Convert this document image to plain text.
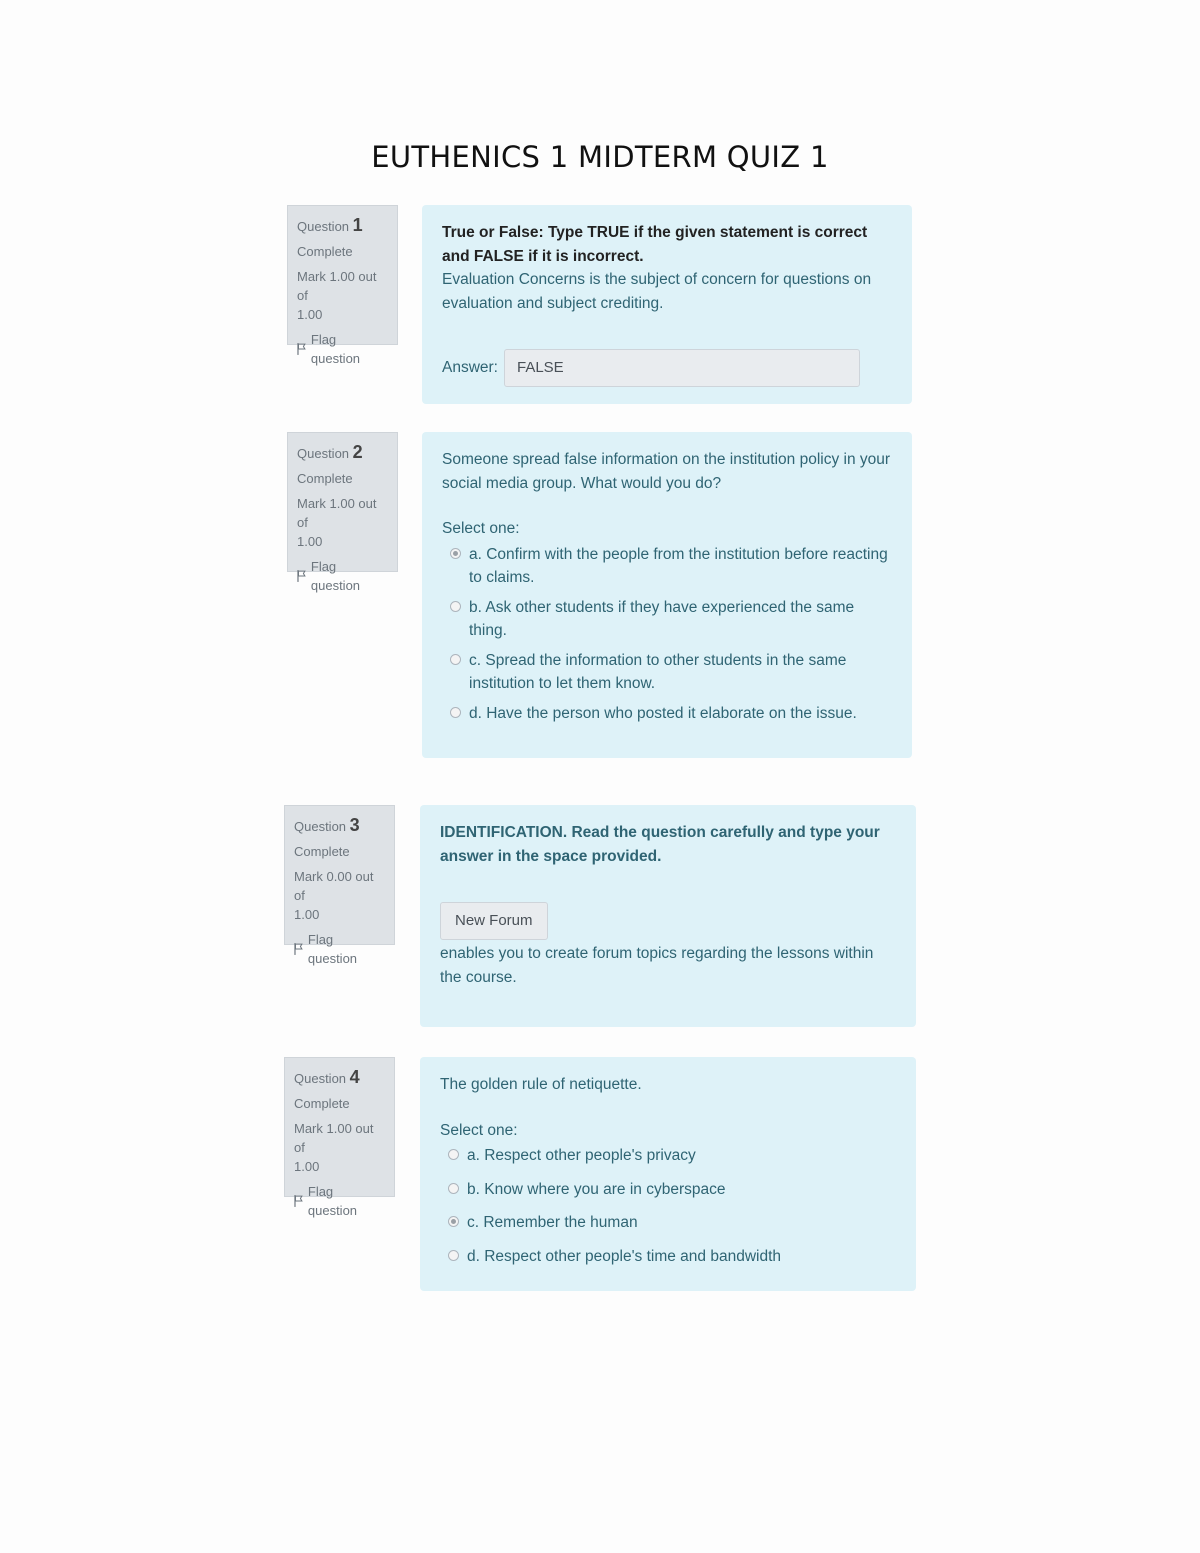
EUTHENICS 1 MIDTERM QUIZ 1
Question 1
Complete
Mark 1.00 out of
1.00
Flag question
True or False: Type TRUE if the given statement is correct and FALSE if it is incorrect.
Evaluation Concerns is the subject of concern for questions on evaluation and subject crediting.
Answer:	FALSE
Question 2
Complete
Mark 1.00 out of
1.00
Flag question
Someone spread false information on the institution policy in your social media group. What would you do?
Select one:
a. Confirm with the people from the institution before reacting to claims.
b. Ask other students if they have experienced the same thing.
c. Spread the information to other students in the same institution to let them know.
d. Have the person who posted it elaborate on the issue.
Question 3
Complete
Mark 0.00 out of
1.00
Flag question
IDENTIFICATION. Read the question carefully and type your answer in the space provided.
New Forum
enables you to create forum topics regarding the lessons within the course.
Question 4
Complete
Mark 1.00 out of
1.00
Flag question
The golden rule of netiquette.
Select one:
a. Respect other people's privacy
b. Know where you are in cyberspace
c. Remember the human
d. Respect other people's time and bandwidth
